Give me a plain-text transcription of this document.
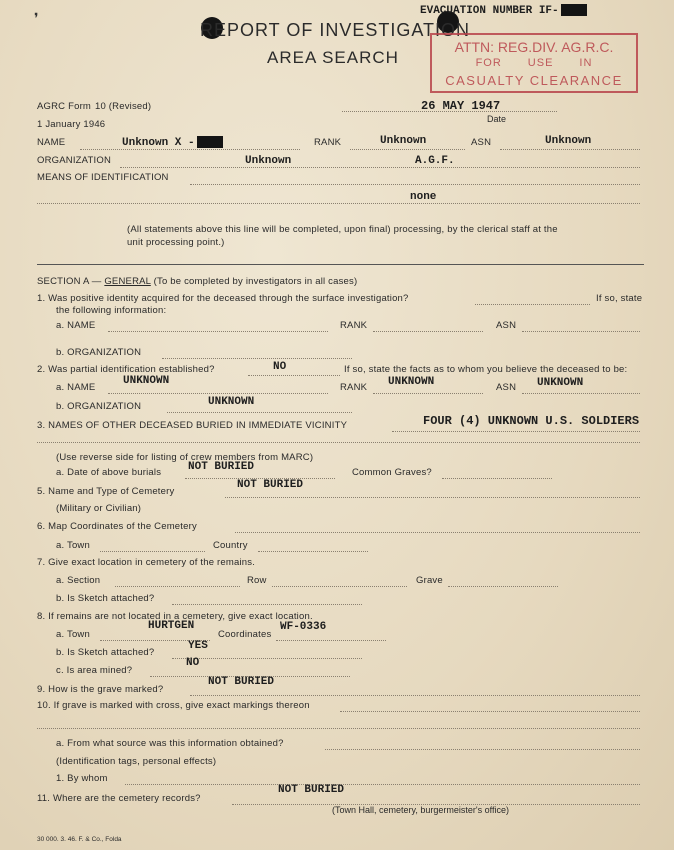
❜	EVACUATION NUMBER IF-
REPORT OF INVESTIGATION
AREA SEARCH
ATTN: REG.DIV. AG.R.C.
FOR USE IN
CASUALTY CLEARANCE
AGRC Form 10 (Revised)
1 January 1946
26 MAY 1947
Date
NAME	Unknown X -	RANK	Unknown	ASN	Unknown
ORGANIZATION	Unknown	A.G.F.
MEANS OF IDENTIFICATION
none
(All statements above this line will be completed, upon final) processing, by the clerical staff at the
unit processing point.)
SECTION A — GENERAL (To be completed by investigators in all cases)
1. Was positive identity acquired for the deceased through the surface investigation?	If so, state
the following information:
a. NAME	RANK	ASN
b. ORGANIZATION
2. Was partial identification established?	NO	If so, state the facts as to whom you believe the deceased to be:
a. NAME
UNKNOWN
RANK UNKNOWN	ASN UNKNOWN
b. ORGANIZATION	UNKNOWN
3. NAMES OF OTHER DECEASED BURIED IN IMMEDIATE VICINITY	FOUR (4) UNKNOWN U.S. SOLDIERS
(Use reverse side for listing of crew members from MARC)
a. Date of above burials NOT BURIED	Common Graves?
5. Name and Type of Cemetery
NOT BURIED
(Military or Civilian)
6. Map Coordinates of the Cemetery
a. Town	Country
7. Give exact location in cemetery of the remains.
a. Section	Row	Grave
b. Is Sketch attached?
8. If remains are not located in a cemetery, give exact location.
a. Town
HURTGEN
Coordinates
WF-0336
b. Is Sketch attached?
YES
c. Is area mined?
NO
9. How is the grave marked?
NOT BURIED
10. If grave is marked with cross, give exact markings thereon
a. From what source was this information obtained?
(Identification tags, personal effects)
1. By whom
11. Where are the cemetery records?
NOT BURIED
(Town Hall, cemetery, burgermeister's office)
30 000. 3. 46. F. & Co., Folda
